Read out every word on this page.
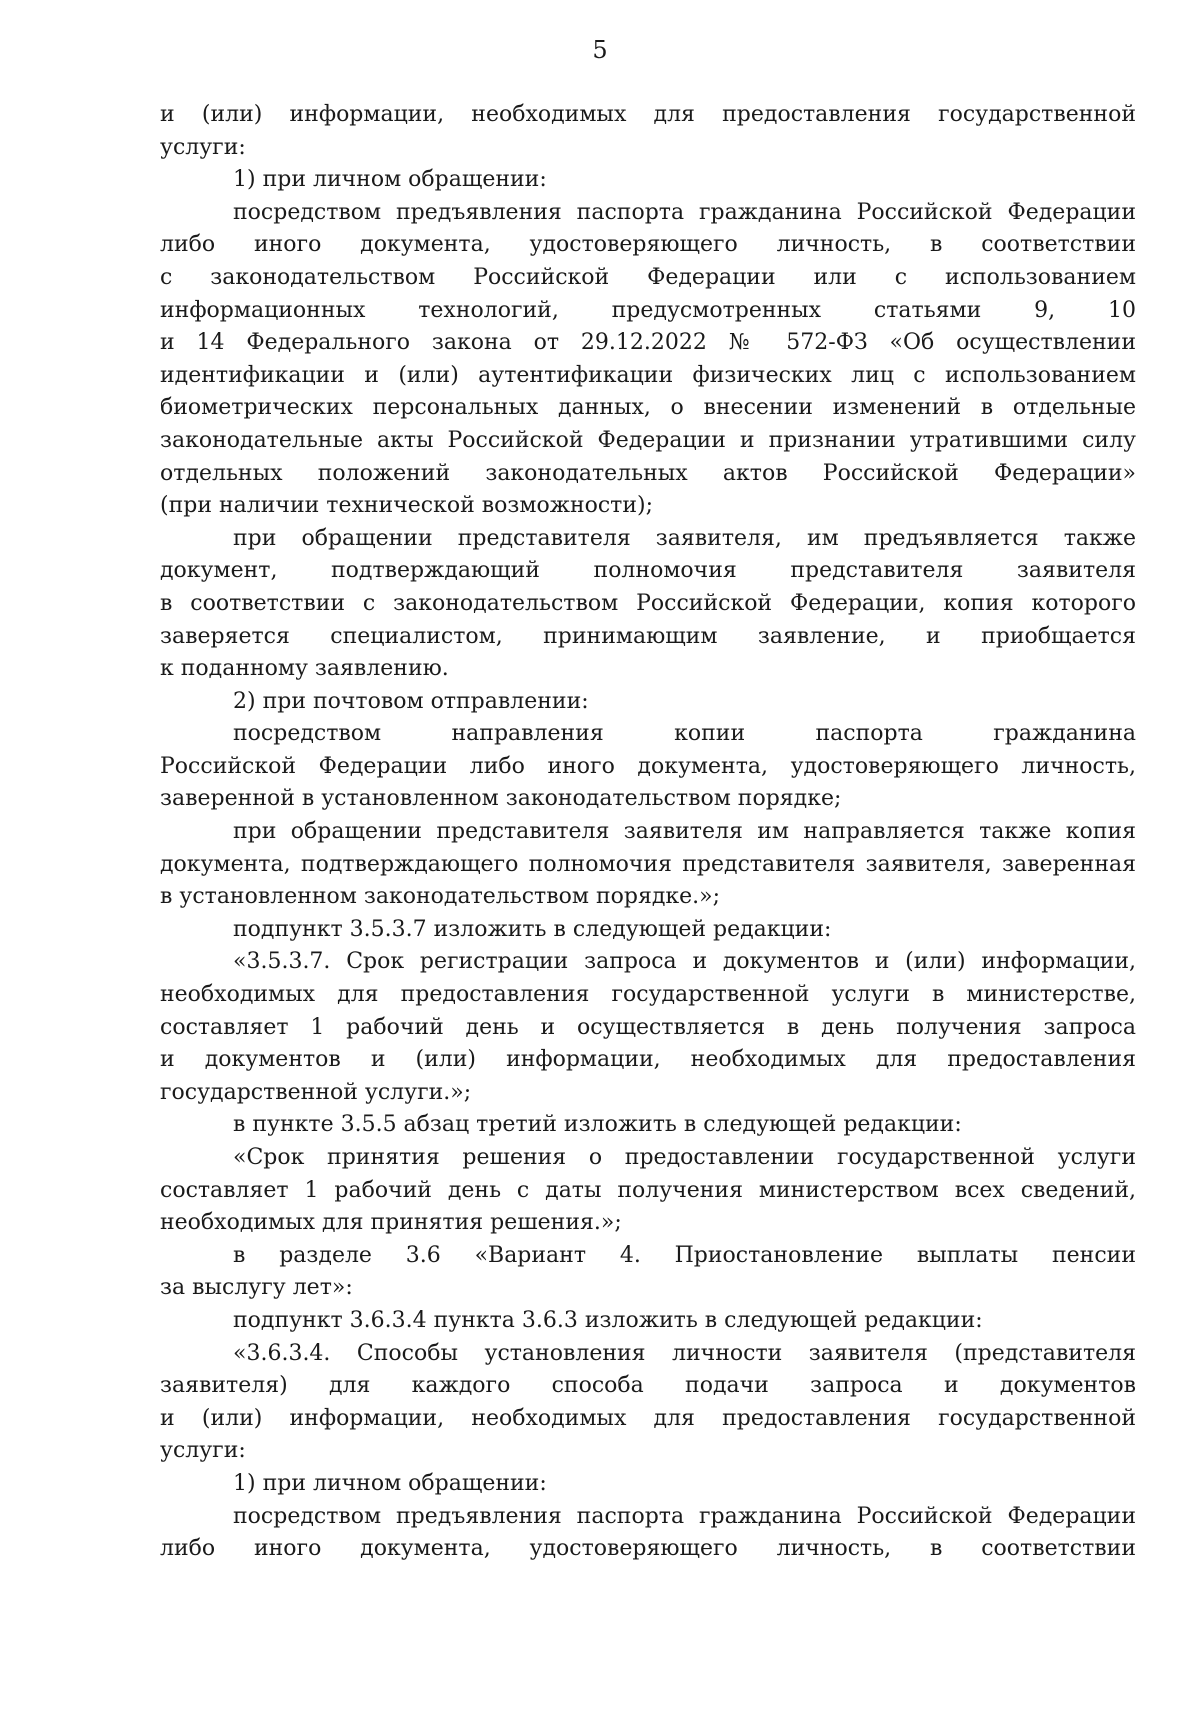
5
и (или) информации, необходимых для предоставления государственной
услуги:
1) при личном обращении:
посредством предъявления паспорта гражданина Российской Федерации
либо иного документа, удостоверяющего личность, в соответствии
с законодательством Российской Федерации или с использованием
информационных технологий, предусмотренных статьями 9, 10
и 14 Федерального закона от 29.12.2022 № 572-ФЗ «Об осуществлении
идентификации и (или) аутентификации физических лиц с использованием
биометрических персональных данных, о внесении изменений в отдельные
законодательные акты Российской Федерации и признании утратившими силу
отдельных положений законодательных актов Российской Федерации»
(при наличии технической возможности);
при обращении представителя заявителя, им предъявляется также
документ, подтверждающий полномочия представителя заявителя
в соответствии с законодательством Российской Федерации, копия которого
заверяется специалистом, принимающим заявление, и приобщается
к поданному заявлению.
2) при почтовом отправлении:
посредством направления копии паспорта гражданина
Российской Федерации либо иного документа, удостоверяющего личность,
заверенной в установленном законодательством порядке;
при обращении представителя заявителя им направляется также копия
документа, подтверждающего полномочия представителя заявителя, заверенная
в установленном законодательством порядке.»;
подпункт 3.5.3.7 изложить в следующей редакции:
«3.5.3.7. Срок регистрации запроса и документов и (или) информации,
необходимых для предоставления государственной услуги в министерстве,
составляет 1 рабочий день и осуществляется в день получения запроса
и документов и (или) информации, необходимых для предоставления
государственной услуги.»;
в пункте 3.5.5 абзац третий изложить в следующей редакции:
«Срок принятия решения о предоставлении государственной услуги
составляет 1 рабочий день с даты получения министерством всех сведений,
необходимых для принятия решения.»;
в разделе 3.6 «Вариант 4. Приостановление выплаты пенсии
за выслугу лет»:
подпункт 3.6.3.4 пункта 3.6.3 изложить в следующей редакции:
«3.6.3.4. Способы установления личности заявителя (представителя
заявителя) для каждого способа подачи запроса и документов
и (или) информации, необходимых для предоставления государственной
услуги:
1) при личном обращении:
посредством предъявления паспорта гражданина Российской Федерации
либо иного документа, удостоверяющего личность, в соответствии
